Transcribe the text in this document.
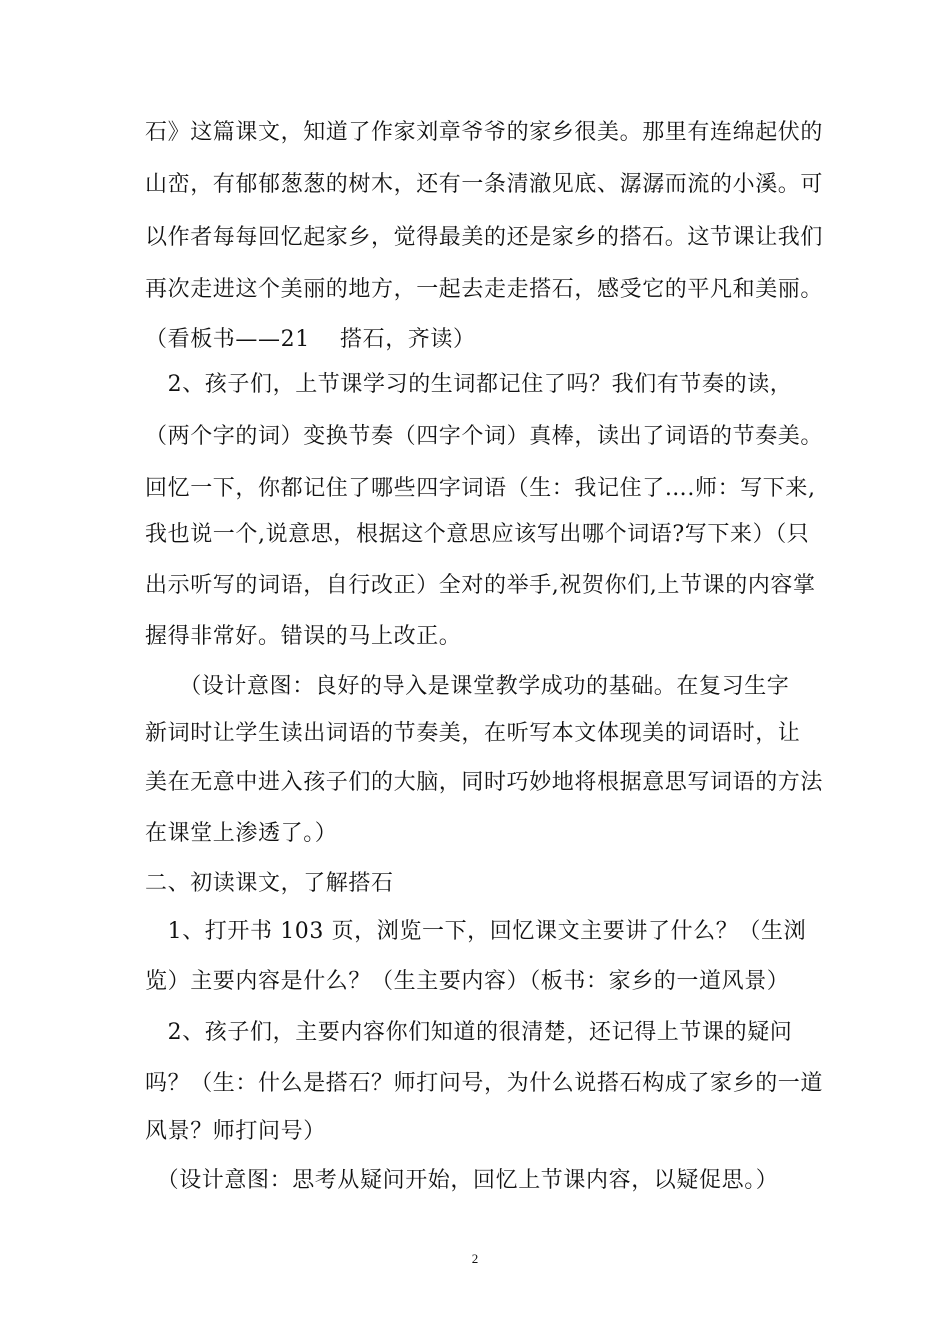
石》这篇课文，知道了作家刘章爷爷的家乡很美。那里有连绵起伏的
山峦，有郁郁葱葱的树木，还有一条清澈见底、潺潺而流的小溪。可
以作者每每回忆起家乡，觉得最美的还是家乡的搭石。这节课让我们
再次走进这个美丽的地方，一起去走走搭石，感受它的平凡和美丽。
（看板书——21　 搭石，齐读）
　2、孩子们，上节课学习的生词都记住了吗？我们有节奏的读，
（两个字的词）变换节奏（四字个词）真棒，读出了词语的节奏美。
回忆一下，你都记住了哪些四字词语（生：我记住了….师：写下来,
我也说一个,说意思，根据这个意思应该写出哪个词语?写下来）（只
出示听写的词语，自行改正）全对的举手,祝贺你们,上节课的内容掌
握得非常好。错误的马上改正。
　　（设计意图：良好的导入是课堂教学成功的基础。在复习生字
新词时让学生读出词语的节奏美，在听写本文体现美的词语时，让
美在无意中进入孩子们的大脑，同时巧妙地将根据意思写词语的方法
在课堂上渗透了。）
二、初读课文，了解搭石
　1、打开书 103 页，浏览一下，回忆课文主要讲了什么？（生浏
览）主要内容是什么？（生主要内容）（板书：家乡的一道风景）
　2、孩子们，主要内容你们知道的很清楚，还记得上节课的疑问
吗？（生：什么是搭石？师打问号，为什么说搭石构成了家乡的一道
风景？师打问号）
　（设计意图：思考从疑问开始，回忆上节课内容，以疑促思。）
2
